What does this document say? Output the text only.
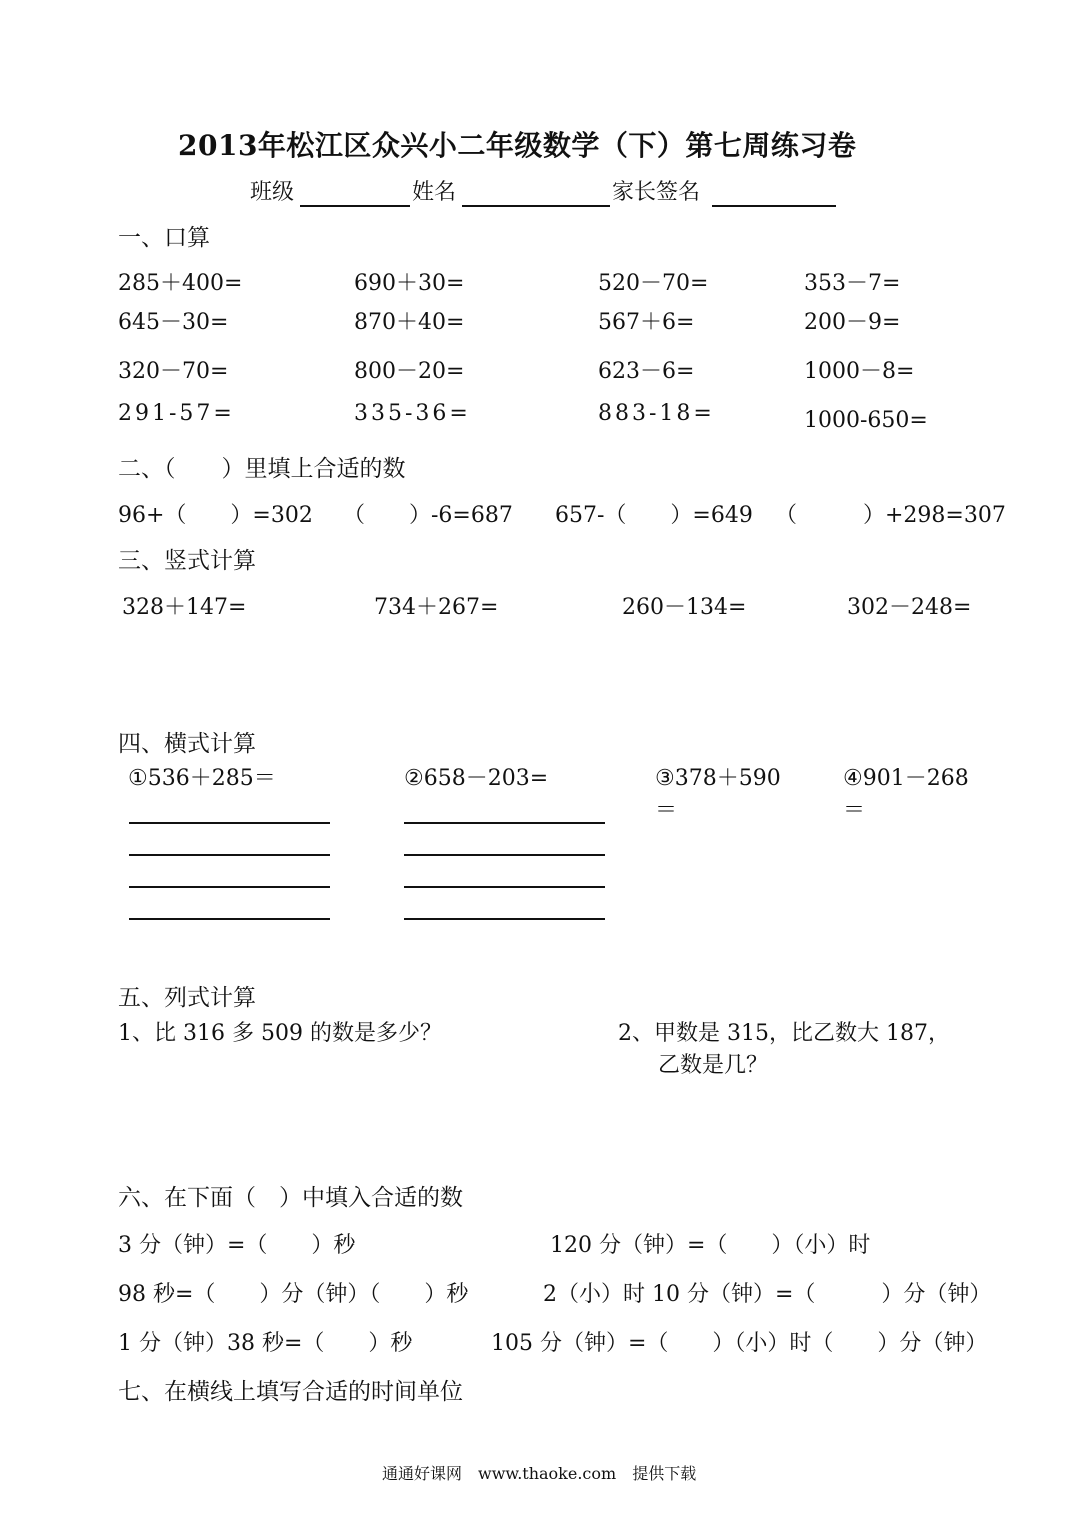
2013年松江区众兴小二年级数学（下）第七周练习卷
班级	姓名	家长签名
一、口算
285＋400=	690＋30=	520－70=	353－7=
645－30=	870＋40=	567＋6=	200－9=
320－70=	800－20=	623－6=	1000－8=
291-57=	335-36=	883-18=	1000-650=
二、（　　）里填上合适的数
96+（　　）=302 （　　）-6=687 657-（　　）=649 （　　　）+298=307
三、竖式计算
328＋147=	734＋267=	260－134=	302－248=
四、横式计算
①536＋285＝	②658－203=	③378＋590	④901－268
＝	＝
五、列式计算
1、比 316 多 509 的数是多少？	2、甲数是 315，比乙数大 187，
乙数是几？
六、在下面（　）中填入合适的数
3 分（钟）=（　　）秒	120 分（钟）=（　　）（小）时
98 秒=（　　）分（钟）（　　）秒	2（小）时 10 分（钟）=（　　　）分（钟）
1 分（钟）38 秒=（　　）秒	105 分（钟）=（　　）（小）时（　　）分（钟）
七、在横线上填写合适的时间单位
通通好课网　www.thaoke.com　提供下载
